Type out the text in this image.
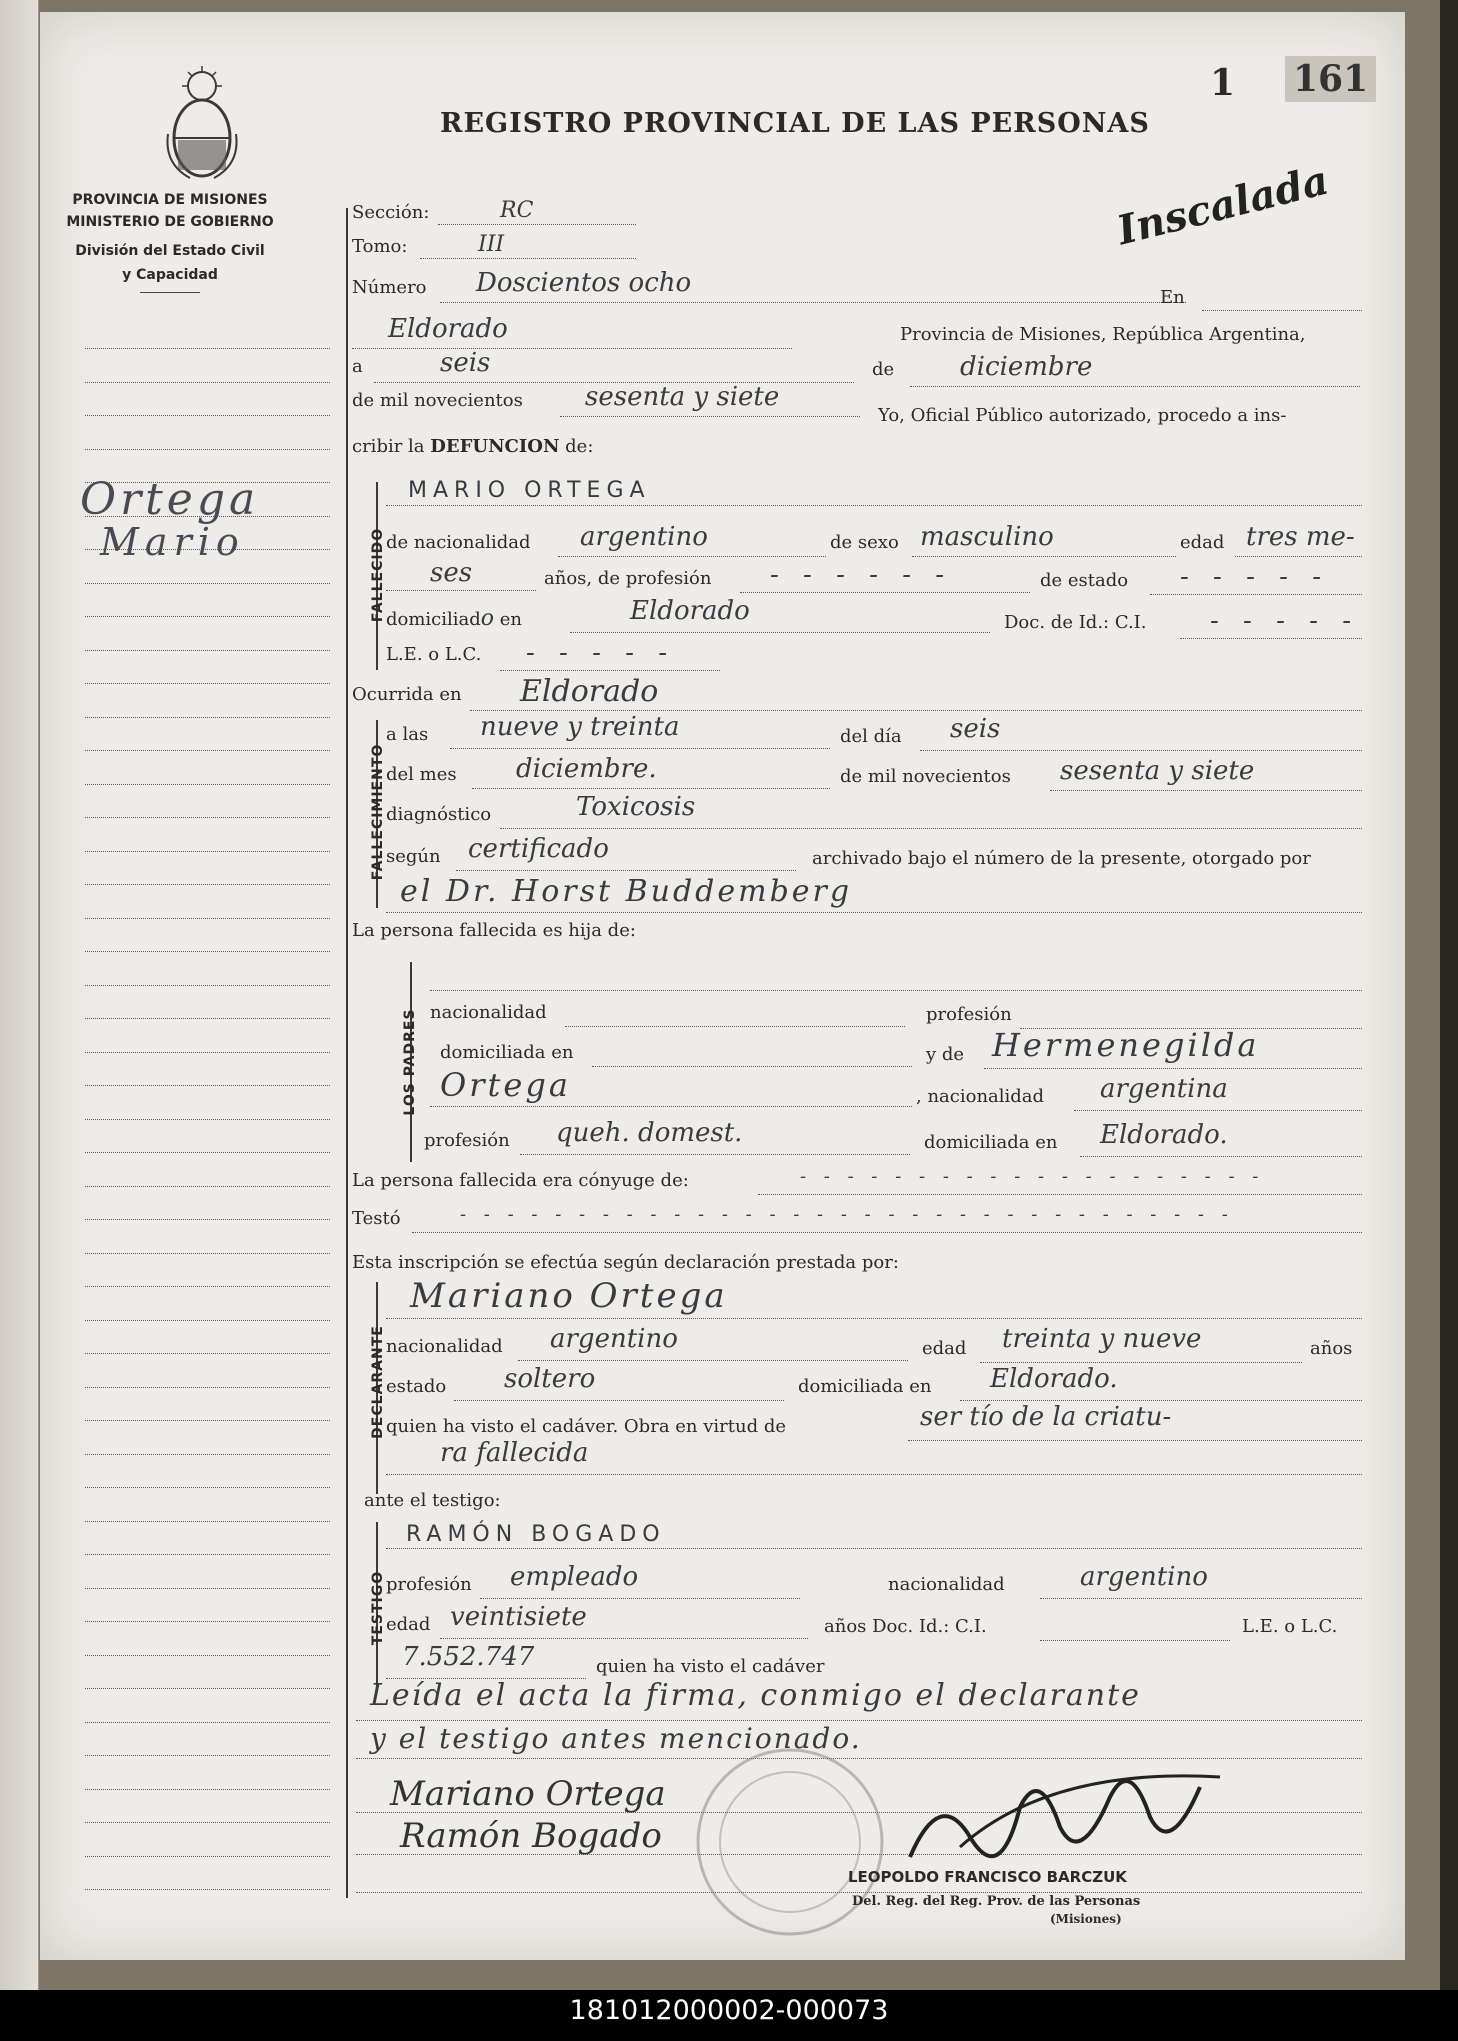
REGISTRO PROVINCIAL DE LAS PERSONAS
1 161
Inscalada
PROVINCIA DE MISIONES
MINISTERIO DE GOBIERNO
División del Estado Civil
y Capacidad
Ortega
Mario
Sección:	RC
Tomo:	III
Número Doscientos ocho	En
Eldorado	Provincia de Misiones, República Argentina,
a	seis	de	diciembre
de mil novecientos sesenta y siete
Yo, Oficial Público autorizado, procedo a ins-
cribir la DEFUNCION de:
FALLECIDO
MARIO ORTEGA
de nacionalidad argentino	de sexo masculino	edad tres me-
ses	años, de profesión - - - - - -	de estado - - - - -
domiciliado en	Eldorado	Doc. de Id.: C.I. - - - - -
L.E. o L.C. - - - - -
Ocurrida en Eldorado
FALLECIMIENTO
a las nueve y treinta	del día seis
del mes diciembre.	de mil novecientos sesenta y siete
diagnóstico	Toxicosis
según certificado	archivado bajo el número de la presente, otorgado por
el Dr. Horst Buddemberg
La persona fallecida es hija de:
LOS PADRES nacionalidad	profesión
domiciliada en	y de Hermenegilda
Ortega	, nacionalidad argentina
profesión queh. domest.	domiciliada en Eldorado.
La persona fallecida era cónyuge de:	- - - - - - - - - - - - - - - - - - - -
Testó	- - - - - - - - - - - - - - - - - - - - - - - - - - - - - - - - -
Esta inscripción se efectúa según declaración prestada por:
DECLARANTE
Mariano Ortega
nacionalidad argentino	edad treinta y nueve	años
estado soltero	domiciliada en Eldorado.
quien ha visto el cadáver. Obra en virtud de	ser tío de la criatu-
ra fallecida
ante el testigo:
TESTIGO
RAMÓN BOGADO
profesión empleado	nacionalidad	argentino
edad veintisiete	años Doc. Id.: C.I.	L.E. o L.C.
7.552.747	quien ha visto el cadáver
Leída el acta la firma, conmigo el declarante
y el testigo antes mencionado.
Mariano Ortega
Ramón Bogado
LEOPOLDO FRANCISCO BARCZUK
Del. Reg. del Reg. Prov. de las Personas
(Misiones)
181012000002-000073
